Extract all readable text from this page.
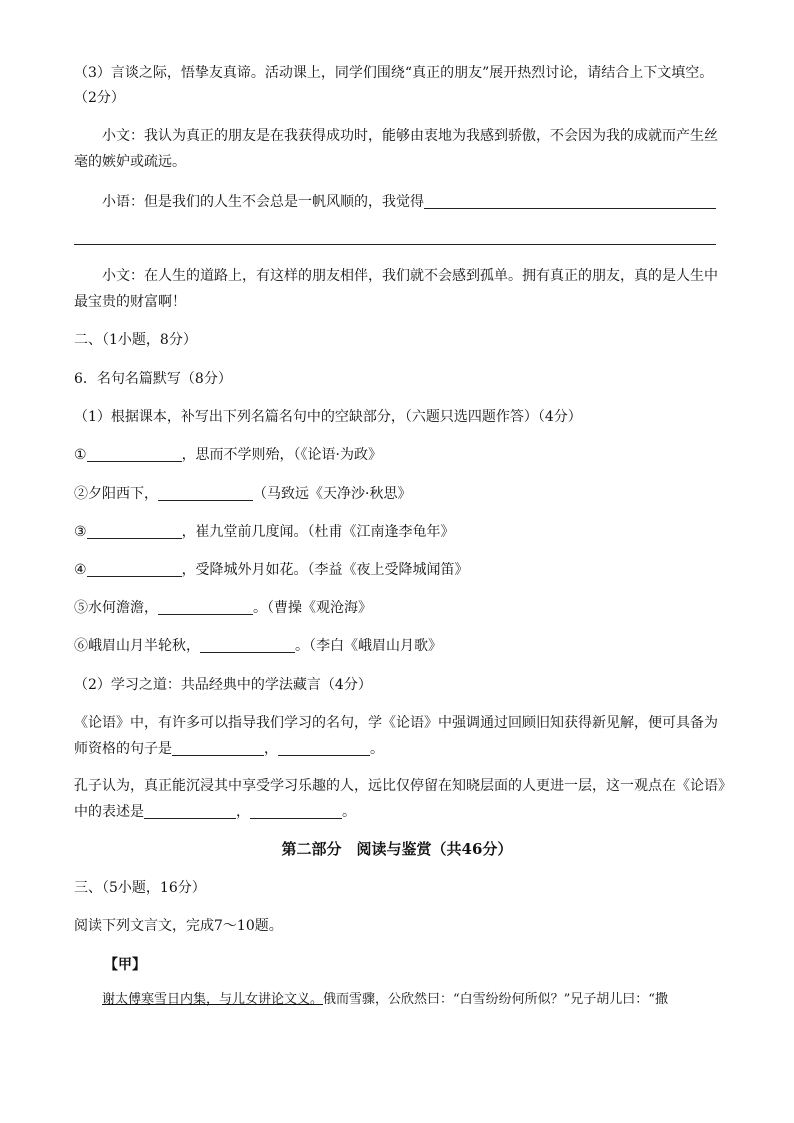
（3）言谈之际，悟挚友真谛。活动课上，同学们围绕“真正的朋友”展开热烈讨论，请结合上下文填空。
（2分）
小文：我认为真正的朋友是在我获得成功时，能够由衷地为我感到骄傲，不会因为我的成就而产生丝
毫的嫉妒或疏远。
小语：但是我们的人生不会总是一帆风顺的，我觉得
小文：在人生的道路上，有这样的朋友相伴，我们就不会感到孤单。拥有真正的朋友，真的是人生中
最宝贵的财富啊！
二、（1小题，8分）
6．名句名篇默写（8分）
（1）根据课本，补写出下列名篇名句中的空缺部分，（六题只选四题作答）（4分）
①	，思而不学则殆，（《论语·为政》
②夕阳西下，	（马致远《天净沙·秋思》
③	，崔九堂前几度闻。（杜甫《江南逢李龟年》
④	，受降城外月如花。（李益《夜上受降城闻笛》
⑤水何澹澹，	。（曹操《观沧海》
⑥峨眉山月半轮秋，	。（李白《峨眉山月歌》
（2）学习之道：共品经典中的学法藏言（4分）
《论语》中，有许多可以指导我们学习的名句，学《论语》中强调通过回顾旧知获得新见解，便可具备为
师资格的句子是	，	。
孔子认为，真正能沉浸其中享受学习乐趣的人，远比仅停留在知晓层面的人更进一层，这一观点在《论语》
中的表述是	，	。
第二部分　阅读与鉴赏（共46分）
三、（5小题，16分）
阅读下列文言文，完成7～10题。
【甲】
谢太傅寒雪日内集，与儿女讲论文义。俄而雪骤，公欣然曰：“白雪纷纷何所似？”兄子胡儿曰：“撒
